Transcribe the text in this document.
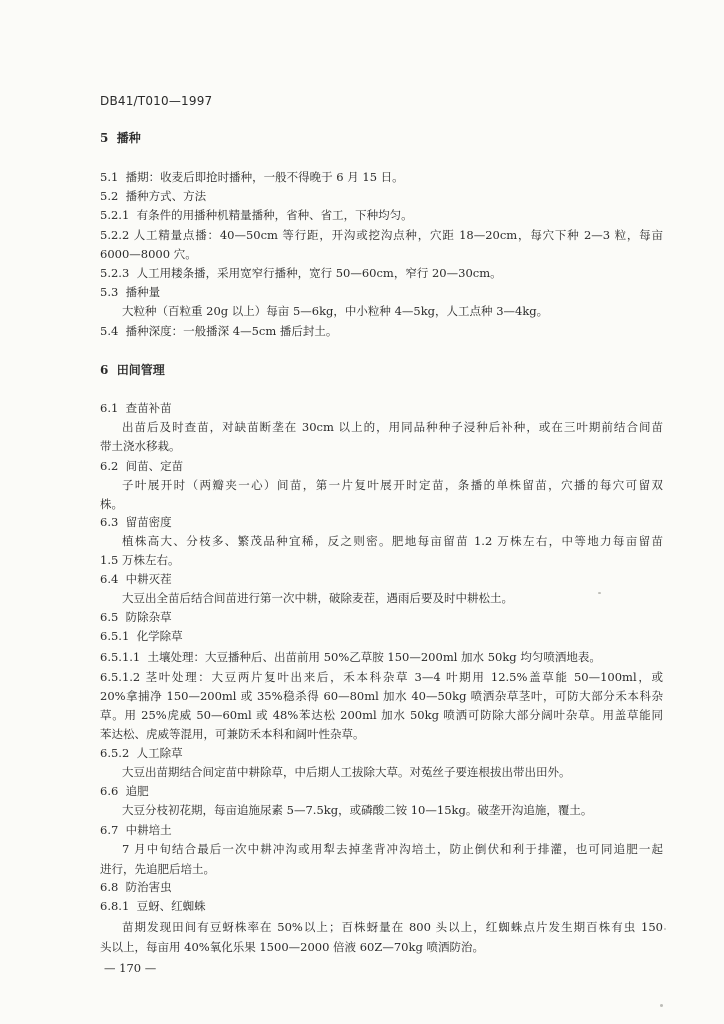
DB41/T010—1997
5  播种
5.1  播期：收麦后即抢时播种，一般不得晚于 6 月 15 日。
5.2  播种方式、方法
5.2.1  有条件的用播种机精量播种，省种、省工，下种均匀。
5.2.2 人工精量点播：40—50cm 等行距，开沟或挖沟点种，穴距 18—20cm，每穴下种 2—3 粒，每亩
6000—8000 穴。
5.2.3  人工用耧条播，采用宽窄行播种，宽行 50—60cm，窄行 20—30cm。
5.3  播种量
大粒种（百粒重 20g 以上）每亩 5—6kg，中小粒种 4—5kg，人工点种 3—4kg。
5.4  播种深度：一般播深 4—5cm 播后封土。
6  田间管理
6.1  查苗补苗
出苗后及时查苗，对缺苗断垄在 30cm 以上的，用同品种种子浸种后补种，或在三叶期前结合间苗
带土浇水移栽。
6.2  间苗、定苗
子叶展开时（两瓣夹一心）间苗，第一片复叶展开时定苗，条播的单株留苗，穴播的每穴可留双
株。
6.3  留苗密度
植株高大、分枝多、繁茂品种宜稀，反之则密。肥地每亩留苗 1.2 万株左右，中等地力每亩留苗
1.5 万株左右。
6.4  中耕灭茬
大豆出全苗后结合间苗进行第一次中耕，破除麦茬，遇雨后要及时中耕松土。
6.5  防除杂草
6.5.1  化学除草
6.5.1.1  土壤处理：大豆播种后、出苗前用 50%乙草胺 150—200ml 加水 50kg 均匀喷洒地表。
6.5.1.2 茎叶处理：大豆两片复叶出来后，禾本科杂草 3—4 叶期用 12.5%盖草能 50—100ml，或
20%拿捕净 150—200ml 或 35%稳杀得 60—80ml 加水 40—50kg 喷洒杂草茎叶，可防大部分禾本科杂
草。用 25%虎威 50—60ml 或 48%苯达松 200ml 加水 50kg 喷洒可防除大部分阔叶杂草。用盖草能同
苯达松、虎威等混用，可兼防禾本科和阔叶性杂草。
6.5.2  人工除草
大豆出苗期结合间定苗中耕除草，中后期人工拔除大草。对菟丝子要连根拔出带出田外。
6.6  追肥
大豆分枝初花期，每亩追施尿素 5—7.5kg，或磷酸二铵 10—15kg。破垄开沟追施，覆土。
6.7  中耕培土
7 月中旬结合最后一次中耕冲沟或用犁去掉垄背冲沟培土，防止倒伏和利于排灌，也可同追肥一起
进行，先追肥后培土。
6.8  防治害虫
6.8.1  豆蚜、红蜘蛛
苗期发现田间有豆蚜株率在 50%以上；百株蚜量在 800 头以上，红蜘蛛点片发生期百株有虫 150
头以上，每亩用 40%氧化乐果 1500—2000 倍液 60Z—70kg 喷洒防治。
— 170 —
